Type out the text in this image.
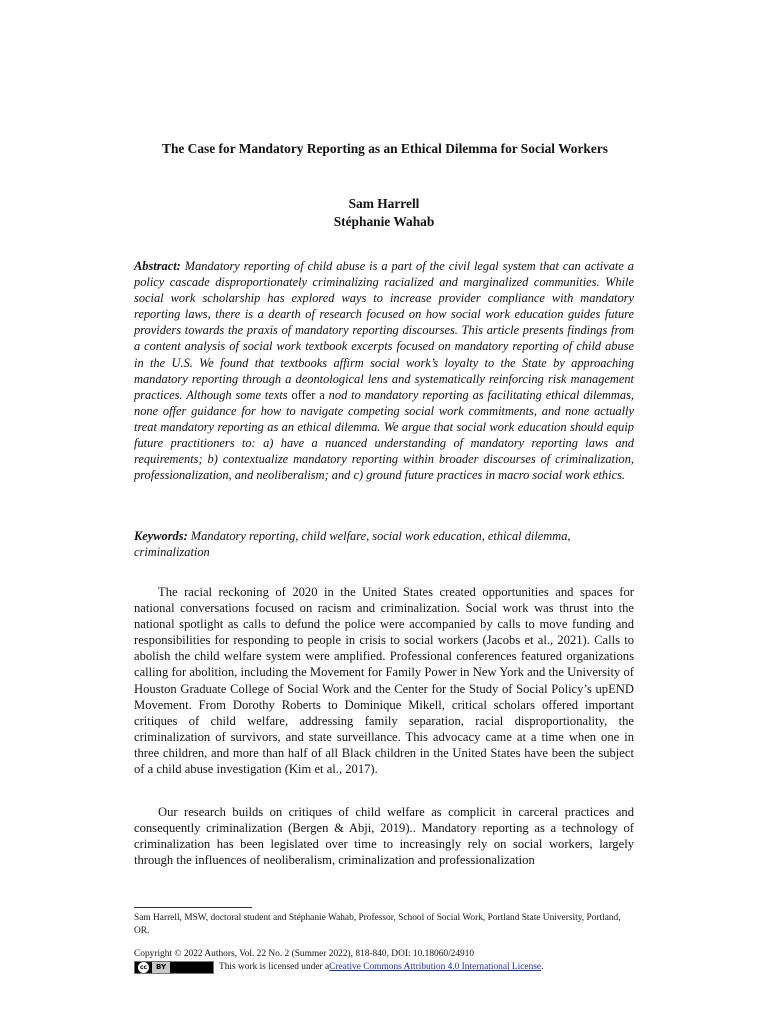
The Case for Mandatory Reporting as an Ethical Dilemma for Social Workers
Sam Harrell
Stéphanie Wahab

Abstract: Mandatory reporting of child abuse is a part of the civil legal system that can activate a policy cascade disproportionately criminalizing racialized and marginalized communities. While social work scholarship has explored ways to increase provider compliance with mandatory reporting laws, there is a dearth of research focused on how social work education guides future providers towards the praxis of mandatory reporting discourses. This article presents findings from a content analysis of social work textbook excerpts focused on mandatory reporting of child abuse in the U.S. We found that textbooks affirm social work’s loyalty to the State by approaching mandatory reporting through a deontological lens and systematically reinforcing risk management practices. Although some texts offer a nod to mandatory reporting as facilitating ethical dilemmas, none offer guidance for how to navigate competing social work commitments, and none actually treat mandatory reporting as an ethical dilemma. We argue that social work education should equip future practitioners to: a) have a nuanced understanding of mandatory reporting laws and requirements; b) contextualize mandatory reporting within broader discourses of criminalization, professionalization, and neoliberalism; and c) ground future practices in macro social work ethics.

Keywords: Mandatory reporting, child welfare, social work education, ethical dilemma, criminalization

The racial reckoning of 2020 in the United States created opportunities and spaces for national conversations focused on racism and criminalization. Social work was thrust into the national spotlight as calls to defund the police were accompanied by calls to move funding and responsibilities for responding to people in crisis to social workers (Jacobs et al., 2021). Calls to abolish the child welfare system were amplified. Professional conferences featured organizations calling for abolition, including the Movement for Family Power in New York and the University of Houston Graduate College of Social Work and the Center for the Study of Social Policy’s upEND Movement. From Dorothy Roberts to Dominique Mikell, critical scholars offered important critiques of child welfare, addressing family separation, racial disproportionality, the criminalization of survivors, and state surveillance. This advocacy came at a time when one in three children, and more than half of all Black children in the United States have been the subject of a child abuse investigation (Kim et al., 2017).

Our research builds on critiques of child welfare as complicit in carceral practices and consequently criminalization (Bergen & Abji, 2019).. Mandatory reporting as a technology of criminalization has been legislated over time to increasingly rely on social workers, largely through the influences of neoliberalism, criminalization and professionalization

Sam Harrell, MSW, doctoral student and Stéphanie Wahab, Professor, School of Social Work, Portland State University, Portland, OR.

Copyright © 2022 Authors, Vol. 22 No. 2 (Summer 2022), 818-840, DOI: 10.18060/24910

cc	BY	This work is licensed under a Creative Commons Attribution 4.0 International License .
